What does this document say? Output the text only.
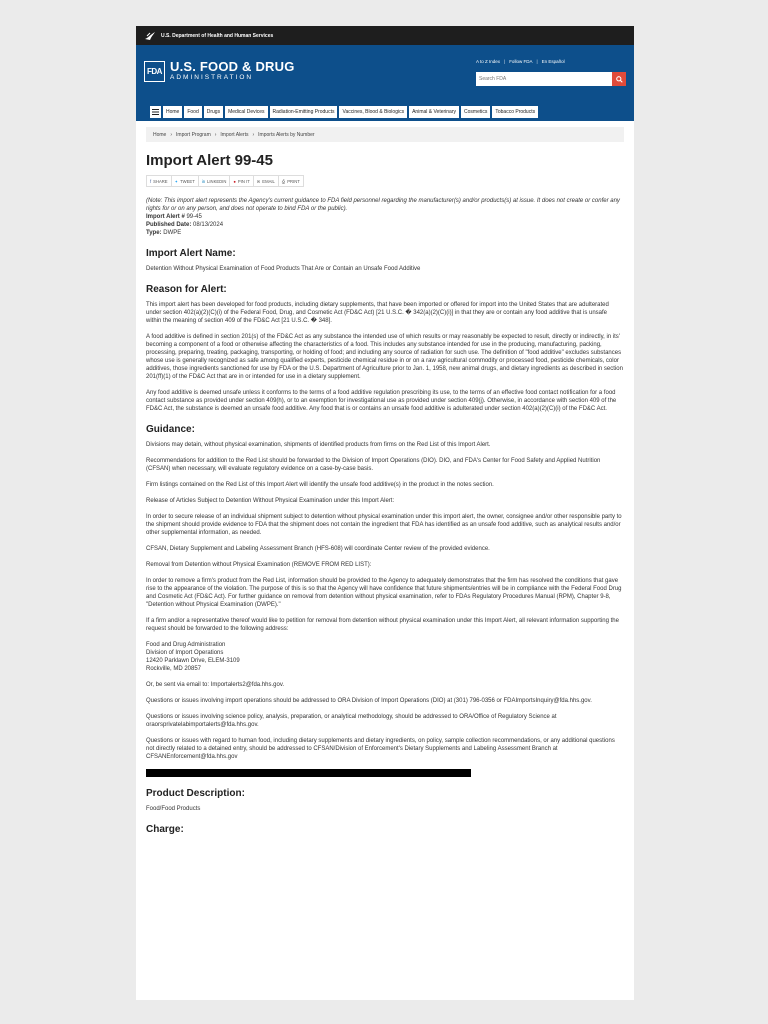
U.S. Department of Health and Human Services
FDA U.S. FOOD & DRUG
ADMINISTRATION
A to Z Index | Follow FDA | En Español
Search FDA
Home	Food	Drugs	Medical Devices	Radiation-Emitting Products	Vaccines, Blood & Biologics	Animal & Veterinary	Cosmetics	Tobacco Products
Home › Import Program › Import Alerts › Imports Alerts by Number
Import Alert 99-45
f SHARE ✦ TWEET in LINKEDIN ● PIN IT ✉ EMAIL ⎙ PRINT

(Note: This import alert represents the Agency's current guidance to FDA field personnel regarding the manufacturer(s) and/or products(s) at issue. It does not create or confer any rights for or on any person, and does not operate to bind FDA or the public).

Import Alert # 99-45

Published Date: 08/13/2024

Type: DWPE

Import Alert Name:

Detention Without Physical Examination of Food Products That Are or Contain an Unsafe Food Additive

Reason for Alert:

This import alert has been developed for food products, including dietary supplements, that have been imported or offered for import into the United States that are adulterated under section 402(a)(2)(C)(i) of the Federal Food, Drug, and Cosmetic Act (FD&C Act) [21 U.S.C. � 342(a)(2)(C)(i)] in that they are or contain any food additive that is unsafe within the meaning of section 409 of the FD&C Act [21 U.S.C. � 348].

A food additive is defined in section 201(s) of the FD&C Act as any substance the intended use of which results or may reasonably be expected to result, directly or indirectly, in its' becoming a component of a food or otherwise affecting the characteristics of a food. This includes any substance intended for use in the producing, manufacturing, packing, processing, preparing, treating, packaging, transporting, or holding of food; and including any source of radiation for such use. The definition of "food additive" excludes substances whose use is generally recognized as safe among qualified experts, pesticide chemical residue in or on a raw agricultural commodity or processed food, pesticide chemicals, color additives, those ingredients sanctioned for use by FDA or the U.S. Department of Agriculture prior to Jan. 1, 1958, new animal drugs, and dietary ingredients as described in section 201(ff)(1) of the FD&C Act that are in or intended for use in a dietary supplement.

Any food additive is deemed unsafe unless it conforms to the terms of a food additive regulation prescribing its use, to the terms of an effective food contact notification for a food contact substance as provided under section 409(h), or to an exemption for investigational use as provided under section 409(j). Otherwise, in accordance with section 409 of the FD&C Act, the substance is deemed an unsafe food additive. Any food that is or contains an unsafe food additive is adulterated under section 402(a)(2)(C)(i) of the FD&C Act.

Guidance:

Divisions may detain, without physical examination, shipments of identified products from firms on the Red List of this Import Alert.

Recommendations for addition to the Red List should be forwarded to the Division of Import Operations (DIO). DIO, and FDA's Center for Food Safety and Applied Nutrition (CFSAN) when necessary, will evaluate regulatory evidence on a case-by-case basis.

Firm listings contained on the Red List of this Import Alert will identify the unsafe food additive(s) in the product in the notes section.

Release of Articles Subject to Detention Without Physical Examination under this Import Alert:

In order to secure release of an individual shipment subject to detention without physical examination under this import alert, the owner, consignee and/or other responsible party to the shipment should provide evidence to FDA that the shipment does not contain the ingredient that FDA has identified as an unsafe food additive, such as analytical results and/or other supplemental information, as needed.

CFSAN, Dietary Supplement and Labeling Assessment Branch (HFS-608) will coordinate Center review of the provided evidence.

Removal from Detention without Physical Examination (REMOVE FROM RED LIST):

In order to remove a firm's product from the Red List, information should be provided to the Agency to adequately demonstrates that the firm has resolved the conditions that gave rise to the appearance of the violation. The purpose of this is so that the Agency will have confidence that future shipments/entries will be in compliance with the Federal Food Drug and Cosmetic Act (FD&C Act). For further guidance on removal from detention without physical examination, refer to FDAs Regulatory Procedures Manual (RPM), Chapter 9-8, "Detention without Physical Examination (DWPE)."

If a firm and/or a representative thereof would like to petition for removal from detention without physical examination under this Import Alert, all relevant information supporting the request should be forwarded to the following address:

Food and Drug Administration

Division of Import Operations

12420 Parklawn Drive, ELEM-3109

Rockville, MD 20857

Or, be sent via email to: Importalerts2@fda.hhs.gov.

Questions or issues involving import operations should be addressed to ORA Division of Import Operations (DIO) at (301) 796-0356 or FDAImportsInquiry@fda.hhs.gov.

Questions or issues involving science policy, analysis, preparation, or analytical methodology, should be addressed to ORA/Office of Regulatory Science at oraorsprivatelabimportalerts@fda.hhs.gov.

Questions or issues with regard to human food, including dietary supplements and dietary ingredients, on policy, sample collection recommendations, or any additional questions not directly related to a detained entry, should be addressed to CFSAN/Division of Enforcement's Dietary Supplements and Labeling Assessment Branch at CFSANEnforcement@fda.hhs.gov

Product Description:

Food/Food Products

Charge:
